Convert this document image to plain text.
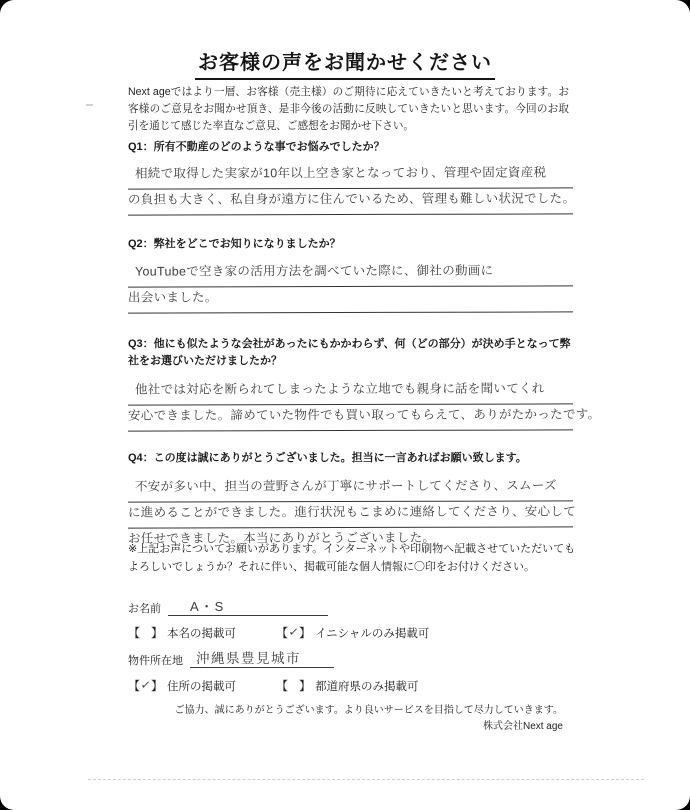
お客様の声をお聞かせください
Next ageではより一層、お客様（売主様）のご期待に応えていきたいと考えております。お客様のご意見をお聞かせ頂き、是非今後の活動に反映していきたいと思います。今回のお取引を通じて感じた率直なご意見、ご感想をお聞かせ下さい。
Q1：所有不動産のどのような事でお悩みでしたか？
相続で取得した実家が10年以上空き家となっており、管理や固定資産税
の負担も大きく、私自身が遠方に住んでいるため、管理も難しい状況でした。
Q2：弊社をどこでお知りになりましたか？
YouTubeで空き家の活用方法を調べていた際に、御社の動画に
出会いました。
Q3：他にも似たような会社があったにもかかわらず、何（どの部分）が決め手となって弊社をお選びいただけましたか？
他社では対応を断られてしまったような立地でも親身に話を聞いてくれ
安心できました。諦めていた物件でも買い取ってもらえて、ありがたかったです。
Q4：この度は誠にありがとうございました。担当に一言あればお願い致します。
不安が多い中、担当の萱野さんが丁寧にサポートしてくださり、スムーズ
に進めることができました。進行状況もこまめに連絡してくださり、安心して
お任せできました。本当にありがとうございました。
※上記お声についてお願いがあります。インターネットや印刷物へ記載させていただいてもよろしいでしょうか？それに伴い、掲載可能な個人情報に〇印をお付けください。
お名前 A・S
【 】 本名の掲載可	【✓】 イニシャルのみ掲載可
物件所在地 沖縄県豊見城市
【✓】 住所の掲載可	【 】 都道府県のみ掲載可
ご協力、誠にありがとうございます。より良いサービスを目指して尽力していきます。
株式会社Next age
